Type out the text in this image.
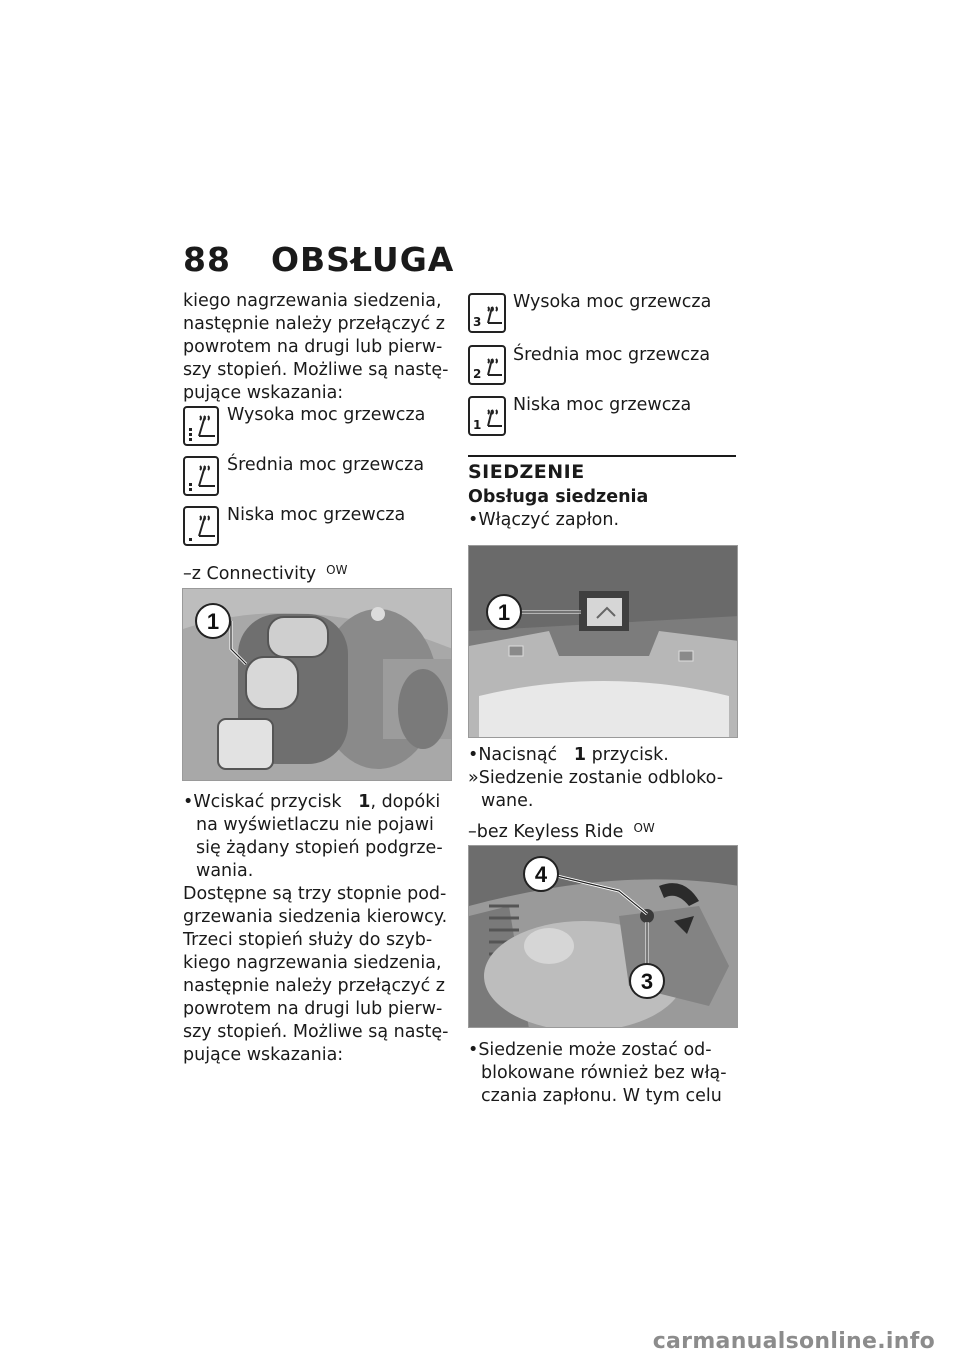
88 OBSŁUGA
kiego nagrzewania siedzenia,
następnie należy przełączyć z
powrotem na drugi lub pierw-
szy stopień. Możliwe są nastę-
pujące wskazania:
Wysoka moc grzewcza
Średnia moc grzewcza
Niska moc grzewcza
–z Connectivity $^{OW}$
1
•Wciskać przycisk 1, dopóki
na wyświetlaczu nie pojawi
się żądany stopień podgrze-
wania.
Dostępne są trzy stopnie pod-
grzewania siedzenia kierowcy.
Trzeci stopień służy do szyb-
kiego nagrzewania siedzenia,
następnie należy przełączyć z
powrotem na drugi lub pierw-
szy stopień. Możliwe są nastę-
pujące wskazania:
3
Wysoka moc grzewcza
2
Średnia moc grzewcza
1
Niska moc grzewcza
SIEDZENIE
Obsługa siedzenia
•Włączyć zapłon.
1
•Nacisnąć 1 przycisk.
»Siedzenie zostanie odbloko-
wane.
–bez Keyless Ride $^{OW}$
4
3
•Siedzenie może zostać od-
blokowane również bez włą-
czania zapłonu. W tym celu
carmanualsonline.info
